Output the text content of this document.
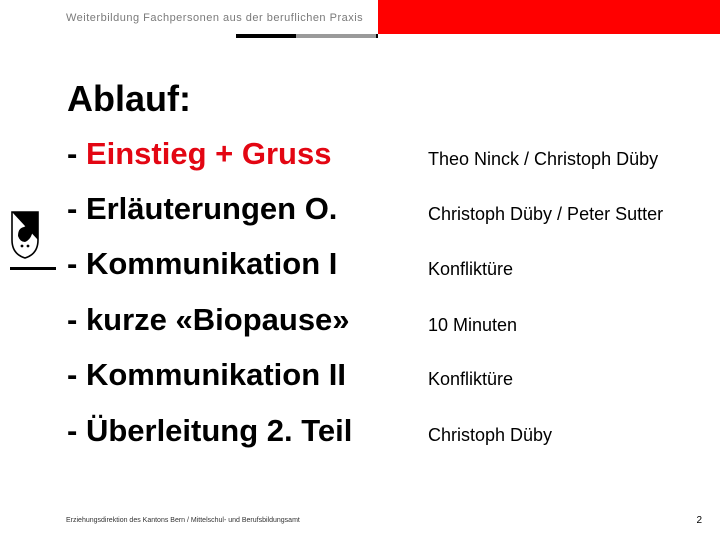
Weiterbildung Fachpersonen aus der beruflichen Praxis
Ablauf:
- Einstieg + Gruss	Theo Ninck / Christoph Düby
- Erläuterungen O.	Christoph Düby / Peter Sutter
- Kommunikation I	Konfliktüre
- kurze «Biopause»	10 Minuten
- Kommunikation II	Konfliktüre
- Überleitung 2. Teil	Christoph Düby
Erziehungsdirektion des Kantons Bern / Mittelschul- und Berufsbildungsamt	2
